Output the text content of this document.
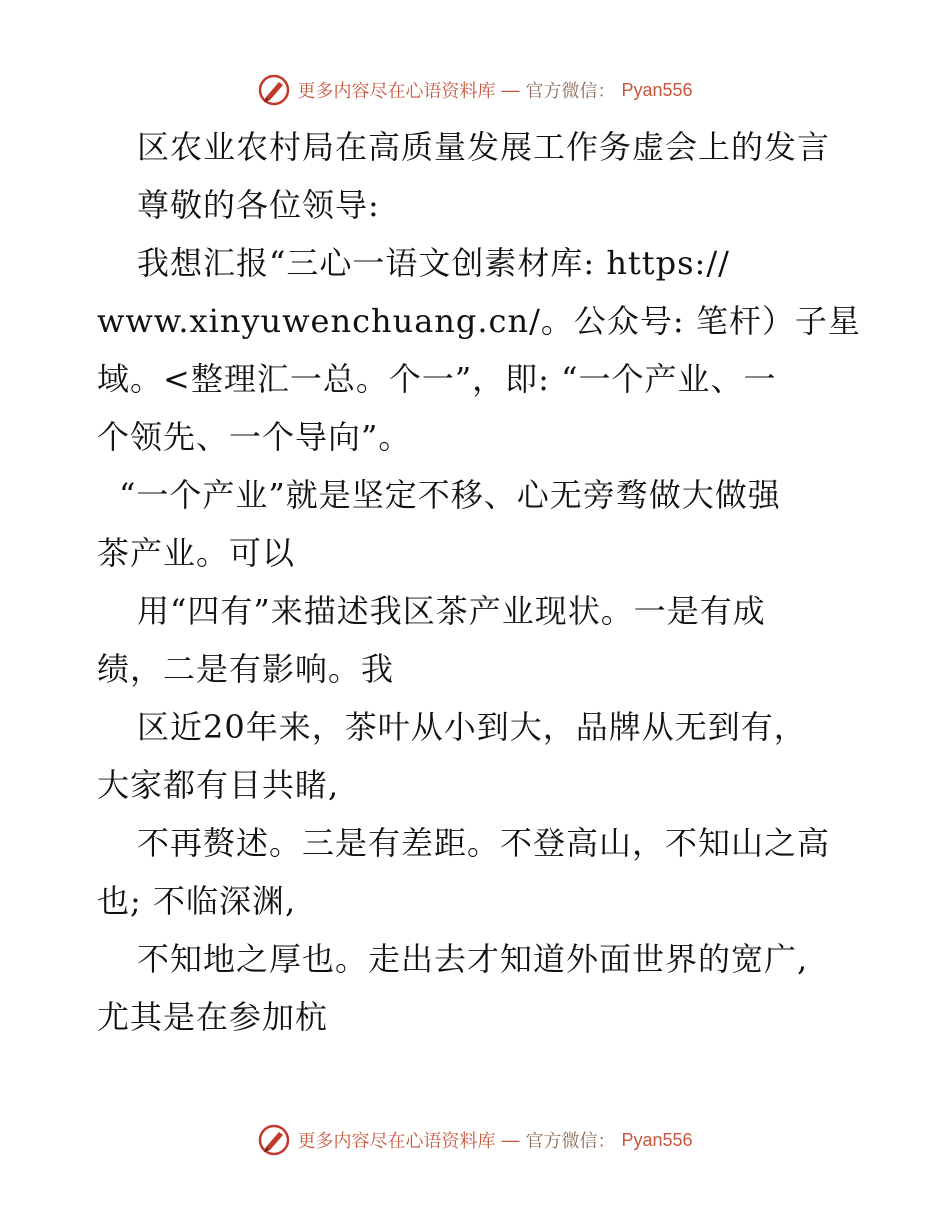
更多内容尽在心语资料库 — 官方微信： Pyan556
区农业农村局在高质量发展工作务虚会上的发言
尊敬的各位领导:
我想汇报“三心一语文创素材库: https://
www.xinyuwenchuang.cn/。公众号: 笔杆）子星
域。<整理汇一总。个一”，即: “一个产业、一
个领先、一个导向”。
“一个产业”就是坚定不移、心无旁骛做大做强
茶产业。可以
用“四有”来描述我区茶产业现状。一是有成
绩，二是有影响。我
区近20年来，茶叶从小到大，品牌从无到有，
大家都有目共睹,
不再赘述。三是有差距。不登高山，不知山之高
也; 不临深渊,
不知地之厚也。走出去才知道外面世界的宽广,
尤其是在参加杭
更多内容尽在心语资料库 — 官方微信： Pyan556
